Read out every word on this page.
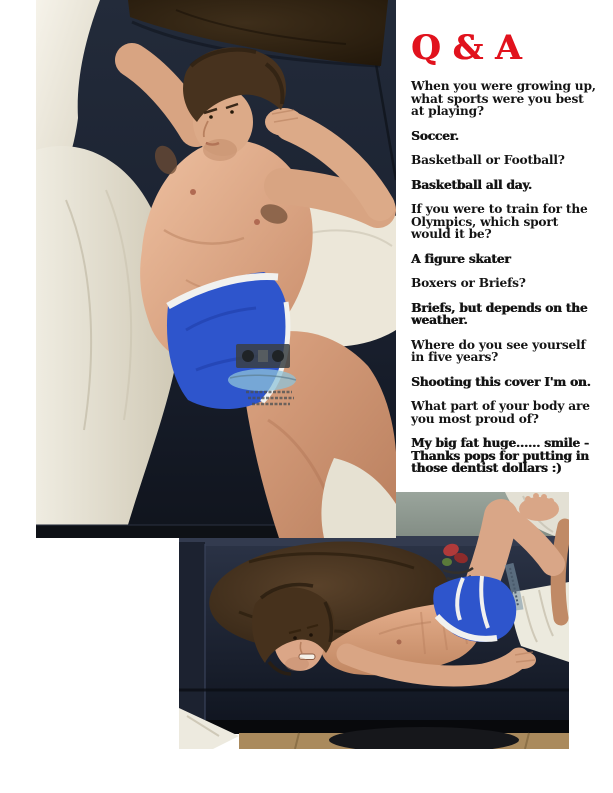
Q & A

When you were growing up, what sports were you best at playing?

Soccer.

Basketball or Football?

Basketball all day.

If you were to train for the Olympics, which sport would it be?

A figure skater

Boxers or Briefs?

Briefs, but depends on the weather.

Where do you see yourself in five years?

Shooting this cover I'm on.

What part of your body are you most proud of?

My big fat huge...... smile - Thanks pops for putting in those dentist dollars :)
